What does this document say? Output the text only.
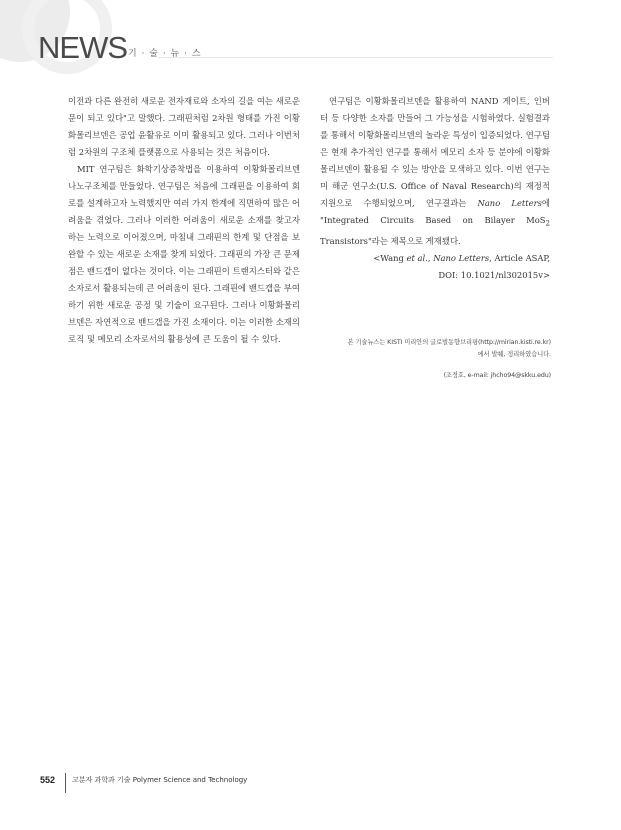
NEWS 기 · 술 · 뉴 · 스

이전과 다른 완전히 새로운 전자재료와 소자의 길을 여는 새로운 문이 되고 있다"고 말했다. 그래핀처럼 2차원 형태를 가진 이황화몰리브덴은 공업 윤활유로 이미 활용되고 있다. 그러나 이번처럼 2차원의 구조체 플랫폼으로 사용되는 것은 처음이다.

MIT 연구팀은 화학기상증착법을 이용하여 이황화몰리브덴 나노구조체를 만들었다. 연구팀은 처음에 그래핀을 이용하여 회로를 설계하고자 노력했지만 여러 가지 한계에 직면하여 많은 어려움을 겪었다. 그러나 이러한 어려움이 새로운 소재를 찾고자 하는 노력으로 이어졌으며, 마침내 그래핀의 한계 및 단점을 보완할 수 있는 새로운 소재를 찾게 되었다. 그래핀의 가장 큰 문제점은 밴드갭이 없다는 것이다. 이는 그래핀이 트랜지스터와 같은 소자로서 활용되는데 큰 어려움이 된다. 그래핀에 밴드갭을 부여하기 위한 새로운 공정 및 기술이 요구된다. 그러나 이황화몰리브덴은 자연적으로 밴드갭을 가진 소재이다. 이는 이러한 소재의 로직 및 메모리 소자로서의 활용성에 큰 도움이 될 수 있다.

연구팀은 이황화몰리브덴을 활용하여 NAND 게이트, 인버터 등 다양한 소자를 만들어 그 가능성을 시험하였다. 실험결과를 통해서 이황화몰리브덴의 놀라운 특성이 입증되었다. 연구팀은 현재 추가적인 연구를 통해서 메모리 소자 등 분야에 이황화몰리브덴이 활용될 수 있는 방안을 모색하고 있다. 이번 연구는 미 해군 연구소(U.S. Office of Naval Research)의 재정적 지원으로 수행되었으며, 연구결과는 Nano Letters에 "Integrated Circuits Based on Bilayer MoS$_2$ Transistors"라는 제목으로 게재됐다.

<Wang et al., Nano Letters, Article ASAP,
DOI: 10.1021/nl302015v>
본 기술뉴스는 KISTI 미리안의 글로벌동향브리핑(http://mirian.kisti.re.kr)
에서 발췌, 정리하였습니다.
(조정호, e-mail: jhcho94@skku.edu)
552 고분자 과학과 기술 Polymer Science and Technology
